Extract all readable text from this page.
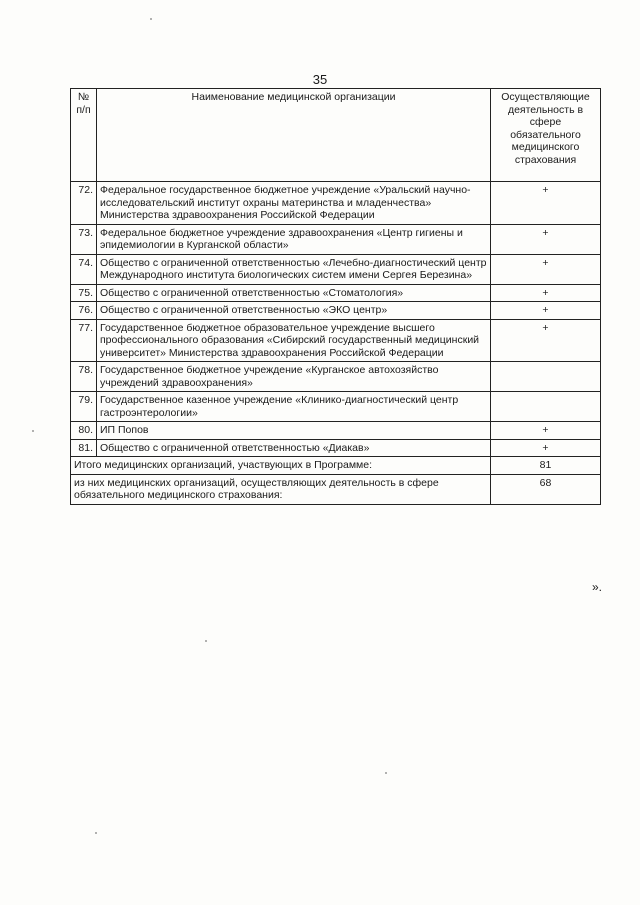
35
№
п/п	Наименование медицинской организации	Осуществляющие деятельность в сфере обязательного медицинского страхования
72.	Федеральное государственное бюджетное учреждение «Уральский научно-исследовательский институт охраны материнства и младенчества» Министерства здравоохранения Российской Федерации	+
73.	Федеральное бюджетное учреждение здравоохранения «Центр гигиены и эпидемиологии в Курганской области»	+
74.	Общество с ограниченной ответственностью «Лечебно-диагностический центр Международного института биологических систем имени Сергея Березина»	+
75.	Общество с ограниченной ответственностью «Стоматология»	+
76.	Общество с ограниченной ответственностью «ЭКО центр»	+
77.	Государственное бюджетное образовательное учреждение высшего профессионального образования «Сибирский государственный медицинский университет» Министерства здравоохранения Российской Федерации	+
78.	Государственное бюджетное учреждение «Курганское автохозяйство учреждений здравоохранения»	
79.	Государственное казенное учреждение «Клинико-диагностический центр гастроэнтерологии»	
80.	ИП Попов	+
81.	Общество с ограниченной ответственностью «Диакав»	+
Итого медицинских организаций, участвующих в Программе:		81
из них медицинских организаций, осуществляющих деятельность в сфере обязательного медицинского страхования:		68
».
